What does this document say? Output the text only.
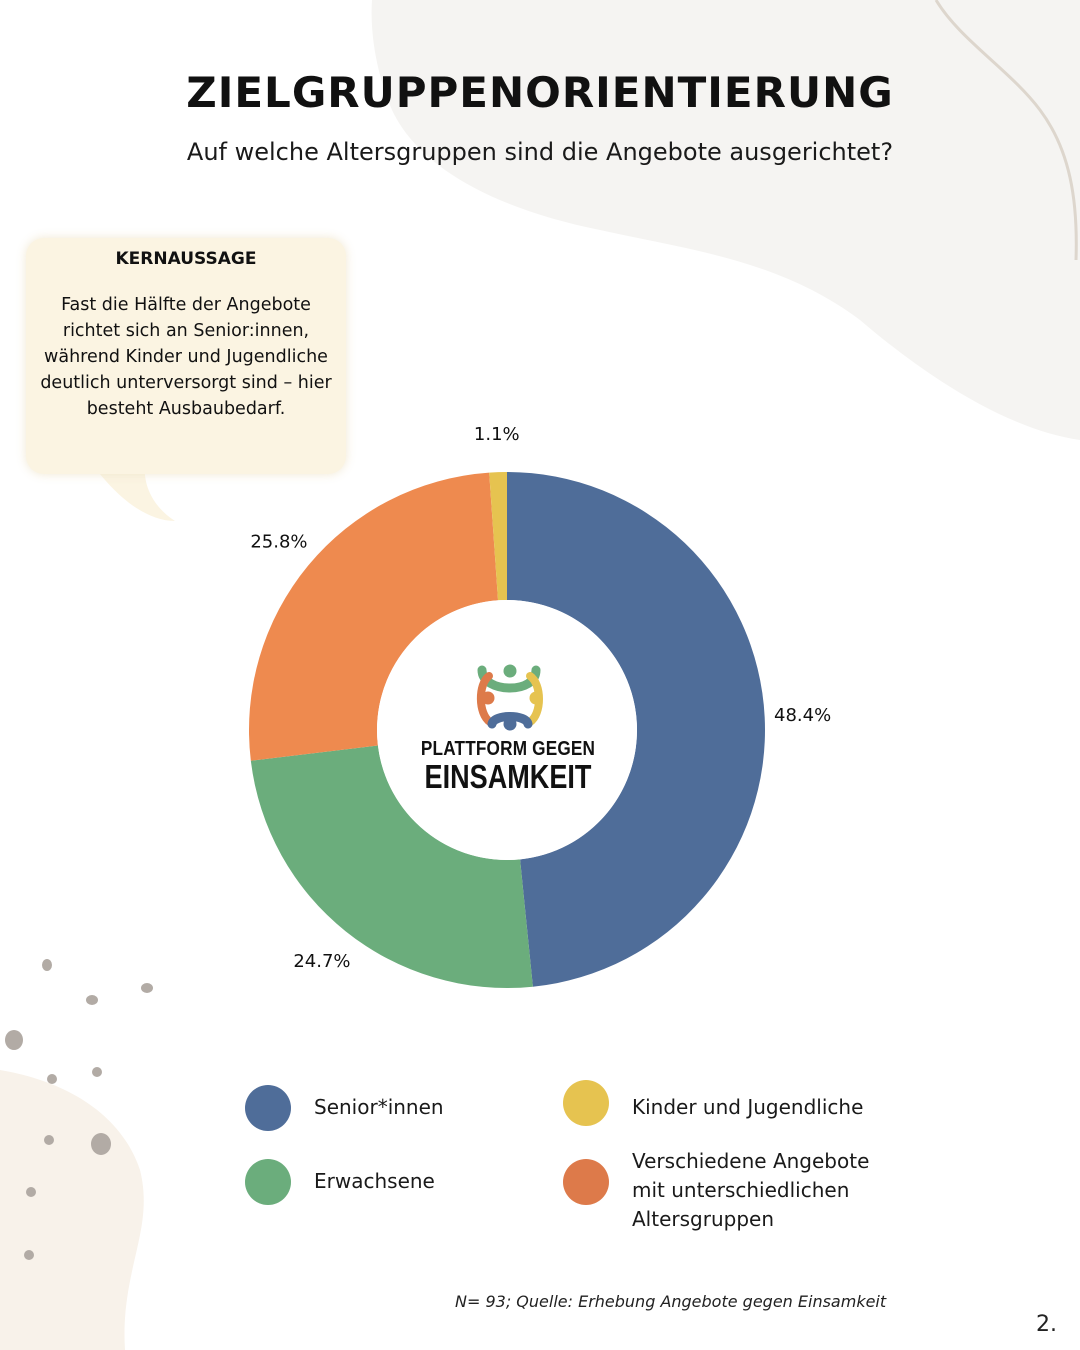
ZIELGRUPPENORIENTIERUNG
Auf welche Altersgruppen sind die Angebote ausgerichtet?
KERNAUSSAGE
Fast die Hälfte der Angebote richtet sich an Senior:innen, während Kinder und Jugendliche deutlich unterversorgt sind – hier besteht Ausbaubedarf.
48.4%
24.7%
25.8%
1.1%
PLATTFORM GEGEN
EINSAMKEIT
Senior*innen	Kinder und Jugendliche
Erwachsene
Verschiedene Angebote
mit unterschiedlichen
Altersgruppen
N= 93; Quelle: Erhebung Angebote gegen Einsamkeit
2.
